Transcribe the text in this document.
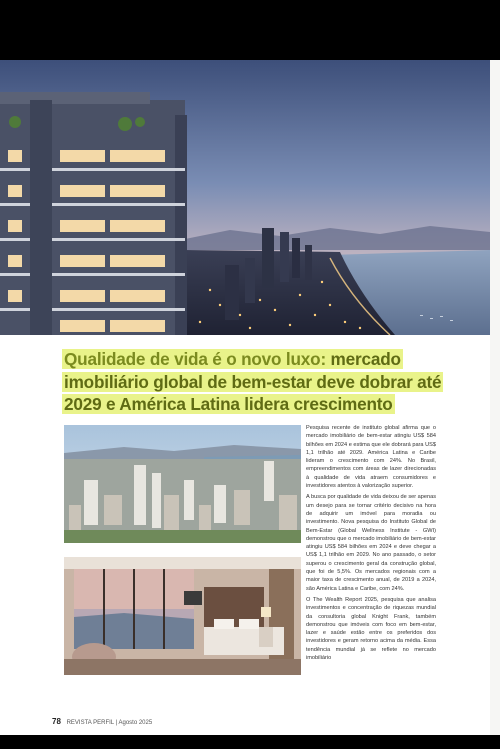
Qualidade de vida é o novo luxo: mercado imobiliário global de bem-estar deve dobrar até 2029 e América Latina lidera crescimento

Pesquisa recente de instituto global afirma que o mercado imobiliário de bem-estar atingiu US$ 584 bilhões em 2024 e estima que ele dobrará para US$ 1,1 trilhão até 2029. América Latina e Caribe lideram o crescimento com 24%. No Brasil, empreendimentos com áreas de lazer direcionadas à qualidade de vida atraem consumidores e investidores atentos à valorização superior.

A busca por qualidade de vida deixou de ser apenas um desejo para se tornar critério decisivo na hora de adquirir um imóvel para moradia ou investimento. Nova pesquisa do Instituto Global de Bem-Estar (Global Wellness Institute - GWI) demonstrou que o mercado imobiliário de bem-estar atingiu US$ 584 bilhões em 2024 e deve chegar a US$ 1,1 trilhão em 2029. No ano passado, o setor superou o crescimento geral da construção global, que foi de 5,5%. Os mercados regionais com a maior taxa de crescimento anual, de 2019 a 2024, são América Latina e Caribe, com 24%.

O The Wealth Report 2025, pesquisa que analisa investimentos e concentração de riquezas mundial da consultoria global Knight Frank, também demonstrou que imóveis com foco em bem-estar, lazer e saúde estão entre os preferidos dos investidores e geram retorno acima da média. Essa tendência mundial já se reflete no mercado imobiliário

78 REVISTA PERFIL | Agosto 2025
